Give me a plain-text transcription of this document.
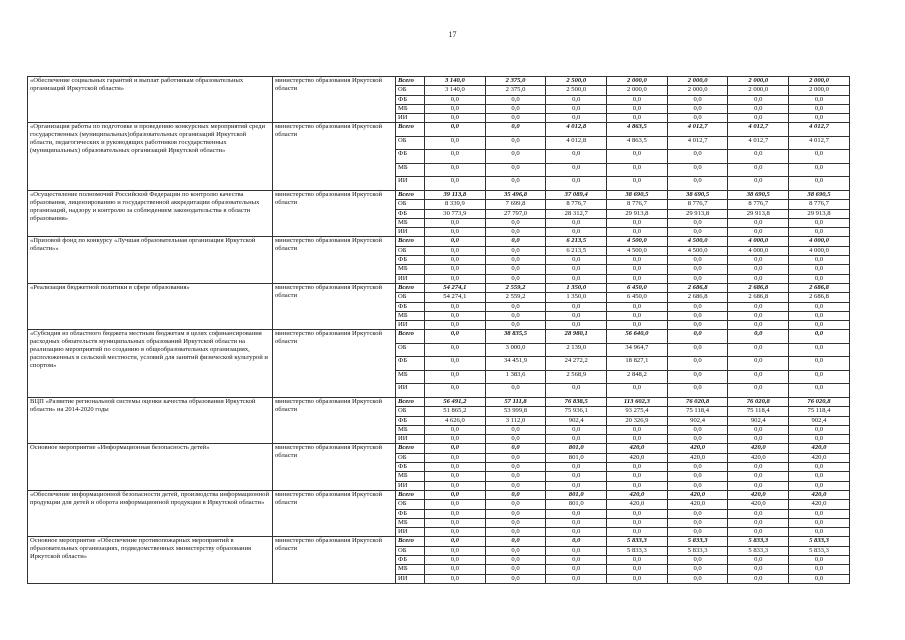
17
«Обеспечение социальных гарантий и выплат работникам образовательных организаций Иркутской области»	министерство образования Иркутской области	Всего	3 140,0	2 375,0	2 500,0	2 000,0	2 000,0	2 000,0	2 000,0
		ОБ	3 140,0	2 375,0	2 500,0	2 000,0	2 000,0	2 000,0	2 000,0
		ФБ	0,0	0,0	0,0	0,0	0,0	0,0	0,0
		МБ	0,0	0,0	0,0	0,0	0,0	0,0	0,0
		ИИ	0,0	0,0	0,0	0,0	0,0	0,0	0,0
«Организация работы по подготовке и проведению конкурсных мероприятий среди государственных (муниципальных)образовательных организаций Иркутской области, педагогических и руководящих работников государственных (муниципальных) образовательных организаций Иркутской области»	министерство образования Иркутской области	Всего	0,0	0,0	4 012,8	4 863,5	4 012,7	4 012,7	4 012,7
		ОБ	0,0	0,0	4 012,8	4 863,5	4 012,7	4 012,7	4 012,7
		ФБ	0,0	0,0	0,0	0,0	0,0	0,0	0,0
		МБ	0,0	0,0	0,0	0,0	0,0	0,0	0,0
		ИИ	0,0	0,0	0,0	0,0	0,0	0,0	0,0
«Осуществление полномочий Российской Федерации по контролю качества образования, лицензированию и государственной аккредитации образовательных организаций, надзору и контролю за соблюдением законодательства в области образования»	министерство образования Иркутской области	Всего	39 113,8	35 496,8	37 089,4	38 690,5	38 690,5	38 690,5	38 690,5
		ОБ	8 339,9	7 699,8	8 776,7	8 776,7	8 776,7	8 776,7	8 776,7
		ФБ	30 773,9	27 797,0	28 312,7	29 913,8	29 913,8	29 913,8	29 913,8
		МБ	0,0	0,0	0,0	0,0	0,0	0,0	0,0
		ИИ	0,0	0,0	0,0	0,0	0,0	0,0	0,0
«Призовой фонд по конкурсу «Лучшая образовательная организация Иркутской области»»	министерство образования Иркутской области	Всего	0,0	0,0	6 213,5	4 500,0	4 500,0	4 000,0	4 000,0
		ОБ	0,0	0,0	6 213,5	4 500,0	4 500,0	4 000,0	4 000,0
		ФБ	0,0	0,0	0,0	0,0	0,0	0,0	0,0
		МБ	0,0	0,0	0,0	0,0	0,0	0,0	0,0
		ИИ	0,0	0,0	0,0	0,0	0,0	0,0	0,0
«Реализация бюджетной политики в сфере образования»	министерство образования Иркутской области	Всего	54 274,1	2 559,2	1 350,0	6 450,0	2 686,8	2 686,8	2 686,8
		ОБ	54 274,1	2 559,2	1 350,0	6 450,0	2 686,8	2 686,8	2 686,8
		ФБ	0,0	0,0	0,0	0,0	0,0	0,0	0,0
		МБ	0,0	0,0	0,0	0,0	0,0	0,0	0,0
		ИИ	0,0	0,0	0,0	0,0	0,0	0,0	0,0
«Субсидия из областного бюджета местным бюджетам в целях софинансирования расходных обязательств муниципальных образований Иркутской области на реализацию мероприятий по созданию в общеобразовательных организациях, расположенных в сельской местности, условий для занятий физической культурой и спортом»	министерство образования Иркутской области	Всего	0,0	38 835,5	28 980,1	56 640,0	0,0	0,0	0,0
		ОБ	0,0	3 000,0	2 139,0	34 964,7	0,0	0,0	0,0
		ФБ	0,0	34 451,9	24 272,2	18 827,1	0,0	0,0	0,0
		МБ	0,0	1 383,6	2 568,9	2 848,2	0,0	0,0	0,0
		ИИ	0,0	0,0	0,0	0,0	0,0	0,0	0,0
ВЦП «Развитие региональной системы оценки качества образования Иркутской области» на 2014-2020 годы	министерство образования Иркутской области	Всего	56 491,2	57 111,8	76 838,5	113 602,3	76 020,8	76 020,8	76 020,8
		ОБ	51 865,2	53 999,8	75 936,1	93 275,4	75 118,4	75 118,4	75 118,4
		ФБ	4 626,0	3 112,0	902,4	20 326,9	902,4	902,4	902,4
		МБ	0,0	0,0	0,0	0,0	0,0	0,0	0,0
		ИИ	0,0	0,0	0,0	0,0	0,0	0,0	0,0
Основное мероприятие «Информационная безопасность детей»	министерство образования Иркутской области	Всего	0,0	0,0	801,0	420,0	420,0	420,0	420,0
		ОБ	0,0	0,0	801,0	420,0	420,0	420,0	420,0
		ФБ	0,0	0,0	0,0	0,0	0,0	0,0	0,0
		МБ	0,0	0,0	0,0	0,0	0,0	0,0	0,0
		ИИ	0,0	0,0	0,0	0,0	0,0	0,0	0,0
«Обеспечение информационной безопасности детей, производства информационной продукции для детей и оборота информационной продукции в Иркутской области»	министерство образования Иркутской области	Всего	0,0	0,0	801,0	420,0	420,0	420,0	420,0
		ОБ	0,0	0,0	801,0	420,0	420,0	420,0	420,0
		ФБ	0,0	0,0	0,0	0,0	0,0	0,0	0,0
		МБ	0,0	0,0	0,0	0,0	0,0	0,0	0,0
		ИИ	0,0	0,0	0,0	0,0	0,0	0,0	0,0
Основное мероприятие «Обеспечение противопожарных мероприятий в образовательных организациях, подведомственных министерству образования Иркутской области»	министерство образования Иркутской области	Всего	0,0	0,0	0,0	5 833,3	5 833,3	5 833,3	5 833,3
		ОБ	0,0	0,0	0,0	5 833,3	5 833,3	5 833,3	5 833,3
		ФБ	0,0	0,0	0,0	0,0	0,0	0,0	0,0
		МБ	0,0	0,0	0,0	0,0	0,0	0,0	0,0
		ИИ	0,0	0,0	0,0	0,0	0,0	0,0	0,0
